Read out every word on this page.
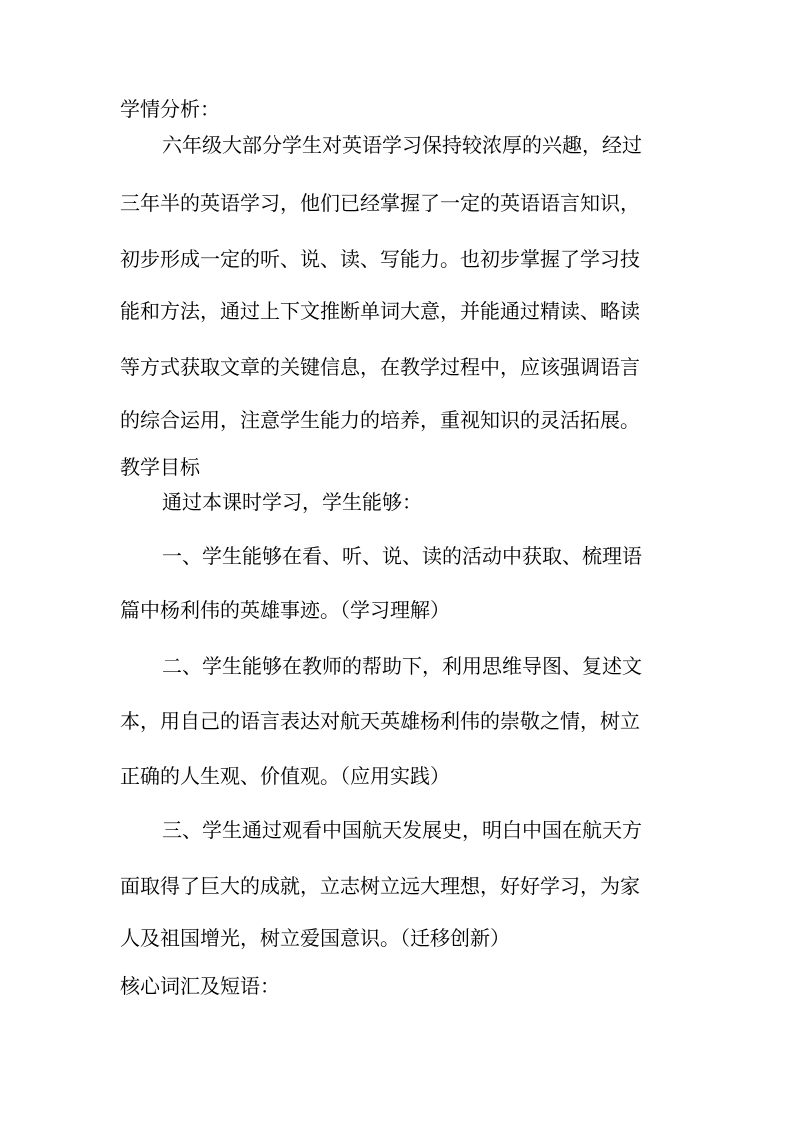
学情分析：
六年级大部分学生对英语学习保持较浓厚的兴趣，经过
三年半的英语学习，他们已经掌握了一定的英语语言知识，
初步形成一定的听、说、读、写能力。也初步掌握了学习技
能和方法，通过上下文推断单词大意，并能通过精读、略读
等方式获取文章的关键信息，在教学过程中，应该强调语言
的综合运用，注意学生能力的培养，重视知识的灵活拓展。
教学目标
通过本课时学习，学生能够：
一、学生能够在看、听、说、读的活动中获取、梳理语
篇中杨利伟的英雄事迹。（学习理解）
二、学生能够在教师的帮助下，利用思维导图、复述文
本，用自己的语言表达对航天英雄杨利伟的崇敬之情，树立
正确的人生观、价值观。（应用实践）
三、学生通过观看中国航天发展史，明白中国在航天方
面取得了巨大的成就，立志树立远大理想，好好学习，为家
人及祖国增光，树立爱国意识。（迁移创新）
核心词汇及短语：
